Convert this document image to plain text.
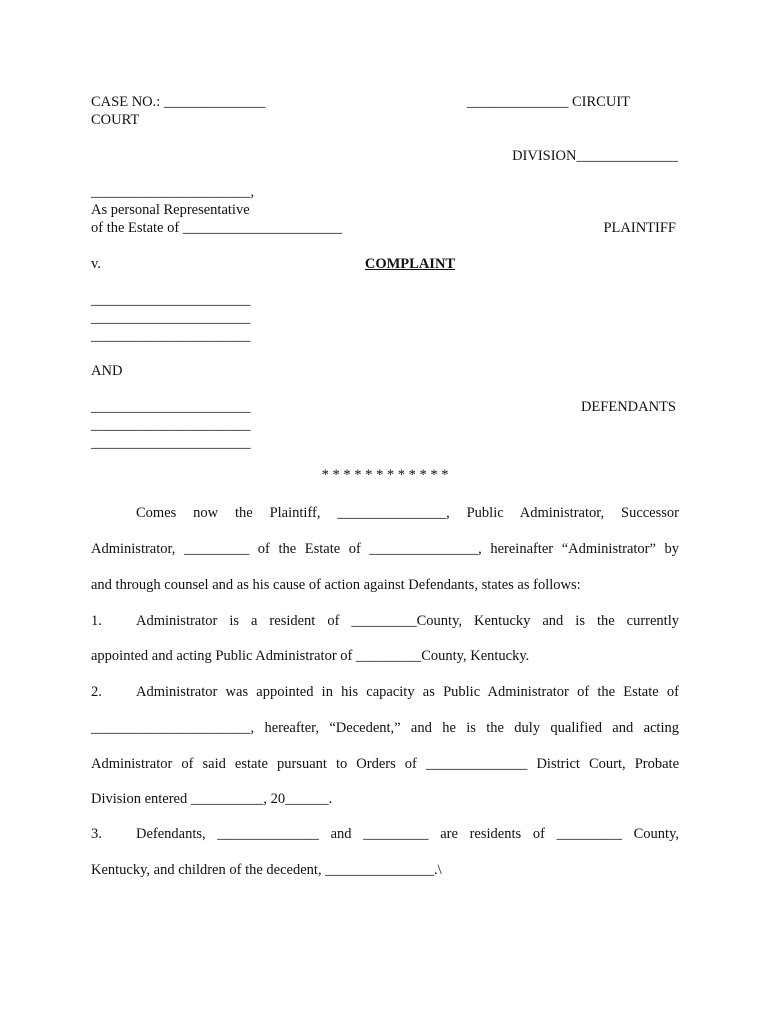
CASE NO.: ______________	______________ CIRCUIT
COURT
DIVISION______________
______________________,
As personal Representative
of the Estate of ______________________	PLAINTIFF
v.	COMPLAINT
______________________
______________________
______________________
AND
______________________	DEFENDANTS
______________________
______________________
* * * * * * * * * * * *
Comes now the Plaintiff, _______________, Public Administrator, Successor
Administrator, _________ of the Estate of _______________, hereinafter “Administrator” by
and through counsel and as his cause of action against Defendants, states as follows:
1. Administrator is a resident of _________County, Kentucky and is the currently
appointed and acting Public Administrator of _________County, Kentucky.
2. Administrator was appointed in his capacity as Public Administrator of the Estate of
______________________, hereafter, “Decedent,” and he is the duly qualified and acting
Administrator of said estate pursuant to Orders of ______________ District Court, Probate
Division entered __________, 20______.
3. Defendants, ______________ and _________ are residents of _________ County,
Kentucky, and children of the decedent, _______________.\
